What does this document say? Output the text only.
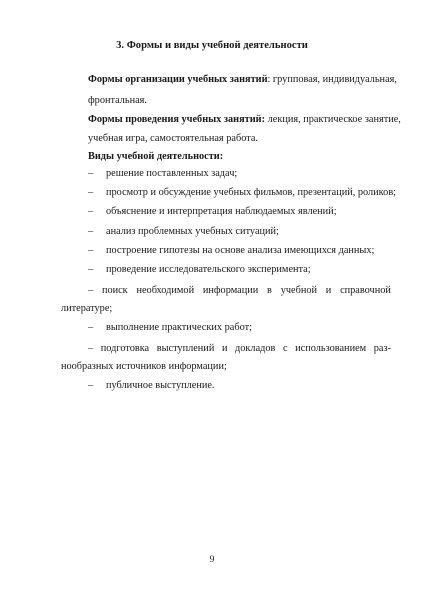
3. Формы и виды учебной деятельности
Формы организации учебных занятий: групповая, индивидуальная,
фронтальная.
Формы проведения учебных занятий: лекция, практическое занятие,
учебная игра, самостоятельная работа.
Виды учебной деятельности:
– решение поставленных задач;
– просмотр и обсуждение учебных фильмов, презентаций, роликов;
– объяснение и интерпретация наблюдаемых явлений;
– анализ проблемных учебных ситуаций;
– построение гипотезы на основе анализа имеющихся данных;
– проведение исследовательского эксперимента;
– поиск необходимой информации в учебной и справочной
литературе;
– выполнение практических работ;
– подготовка выступлений и докладов с использованием раз-
нообразных источников информации;
– публичное выступление.
9
